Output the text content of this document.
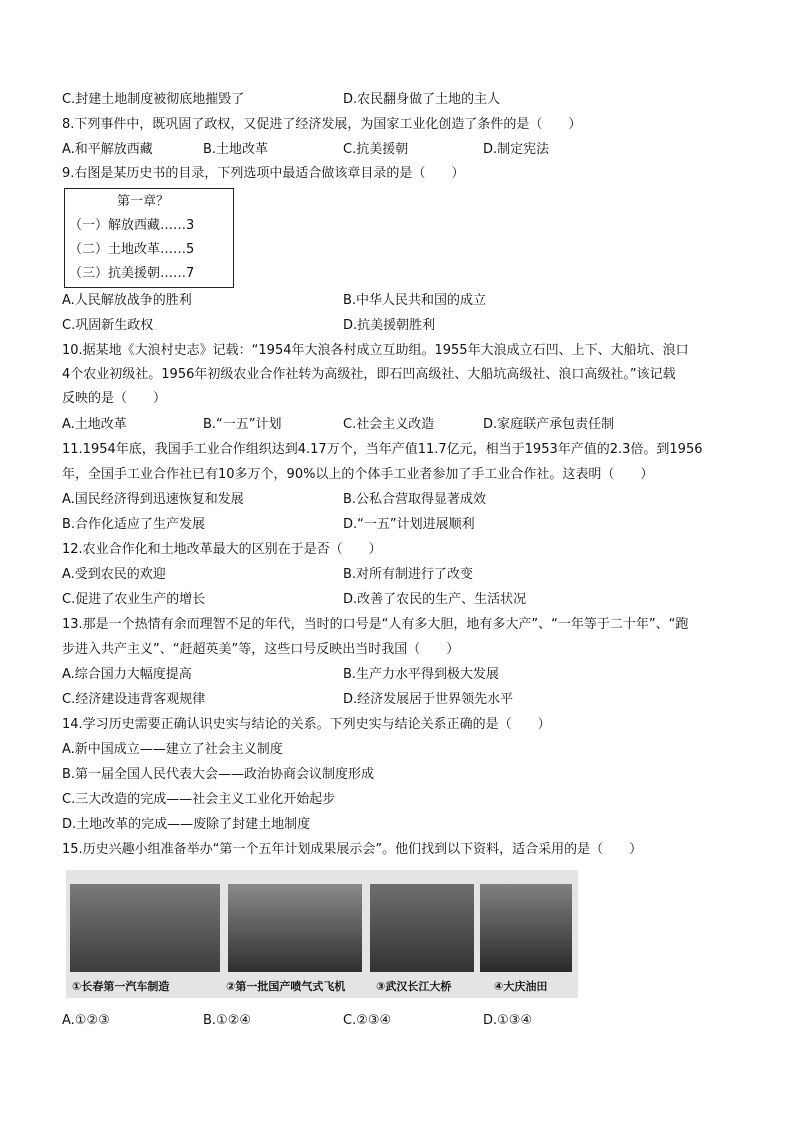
C.封建土地制度被彻底地摧毁了	D.农民翻身做了土地的主人
8.下列事件中，既巩固了政权，又促进了经济发展，为国家工业化创造了条件的是（　　）
A.和平解放西藏	B.土地改革	C.抗美援朝	D.制定宪法
9.右图是某历史书的目录，下列选项中最适合做该章目录的是（　　）
第一章？
（一）解放西藏……3
（二）土地改革……5
（三）抗美援朝……7
A.人民解放战争的胜利	B.中华人民共和国的成立
C.巩固新生政权	D.抗美援朝胜利
10.据某地《大浪村史志》记载：“1954年大浪各村成立互助组。1955年大浪成立石凹、上下、大船坑、浪口
4个农业初级社。1956年初级农业合作社转为高级社，即石凹高级社、大船坑高级社、浪口高级社。”该记载
反映的是（　　）
A.土地改革	B.“一五”计划	C.社会主义改造	D.家庭联产承包责任制
11.1954年底，我国手工业合作组织达到4.17万个，当年产值11.7亿元，相当于1953年产值的2.3倍。到1956
年，全国手工业合作社已有10多万个，90%以上的个体手工业者参加了手工业合作社。这表明（　　）
A.国民经济得到迅速恢复和发展	B.公私合营取得显著成效
B.合作化适应了生产发展	D.“一五”计划进展顺利
12.农业合作化和土地改革最大的区别在于是否（　　）
A.受到农民的欢迎	B.对所有制进行了改变
C.促进了农业生产的增长	D.改善了农民的生产、生活状况
13.那是一个热情有余而理智不足的年代，当时的口号是“人有多大胆，地有多大产”、“一年等于二十年”、“跑
步进入共产主义”、“赶超英美”等，这些口号反映出当时我国（　　）
A.综合国力大幅度提高	B.生产力水平得到极大发展
C.经济建设违背客观规律	D.经济发展居于世界领先水平
14.学习历史需要正确认识史实与结论的关系。下列史实与结论关系正确的是（　　）
A.新中国成立——建立了社会主义制度
B.第一届全国人民代表大会——政治协商会议制度形成
C.三大改造的完成——社会主义工业化开始起步
D.土地改革的完成——废除了封建土地制度
15.历史兴趣小组准备举办“第一个五年计划成果展示会”。他们找到以下资料，适合采用的是（　　）
①长春第一汽车制造	②第一批国产喷气式飞机	③武汉长江大桥	④大庆油田
A.①②③	B.①②④	C.②③④	D.①③④
